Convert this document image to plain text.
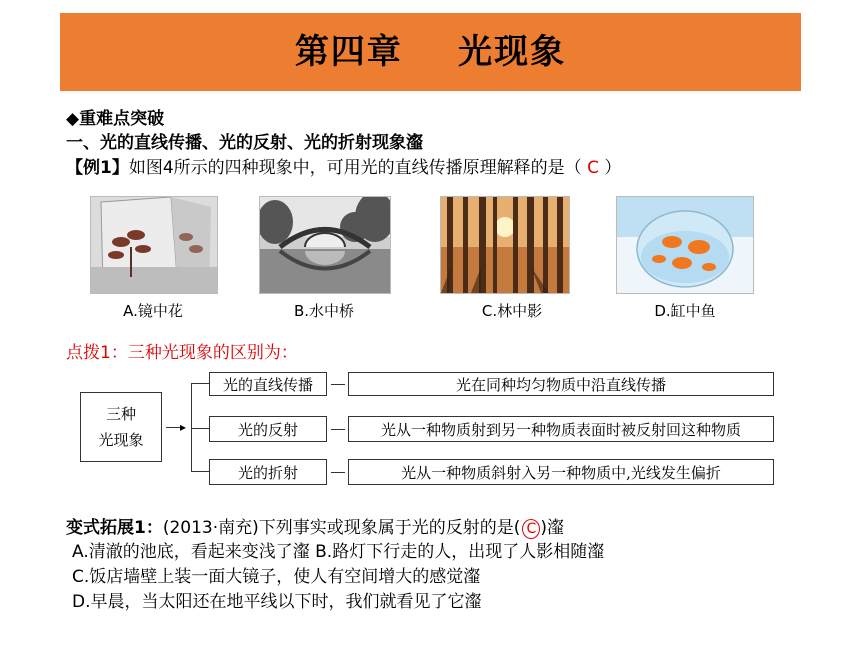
第四章    光现象
◆重难点突破
一、光的直线传播、光的反射、光的折射现象瀣
【例1】如图4所示的四种现象中，可用光的直线传播原理解释的是（ C ）
A.镜中花	B.水中桥	C.林中影	D.缸中鱼
点拨1：三种光现象的区别为：
三种
光现象
▸
光的直线传播	光在同种均匀物质中沿直线传播
光的反射	光从一种物质射到另一种物质表面时被反射回这种物质
光的折射	光从一种物质斜射入另一种物质中,光线发生偏折
变式拓展1：(2013·南充)下列事实或现象属于光的反射的是( C )瀣
A.清澈的池底，看起来变浅了瀣 B.路灯下行走的人，出现了人影相随瀣
C.饭店墙壁上装一面大镜子，使人有空间增大的感觉瀣
D.早晨，当太阳还在地平线以下时，我们就看见了它瀣
